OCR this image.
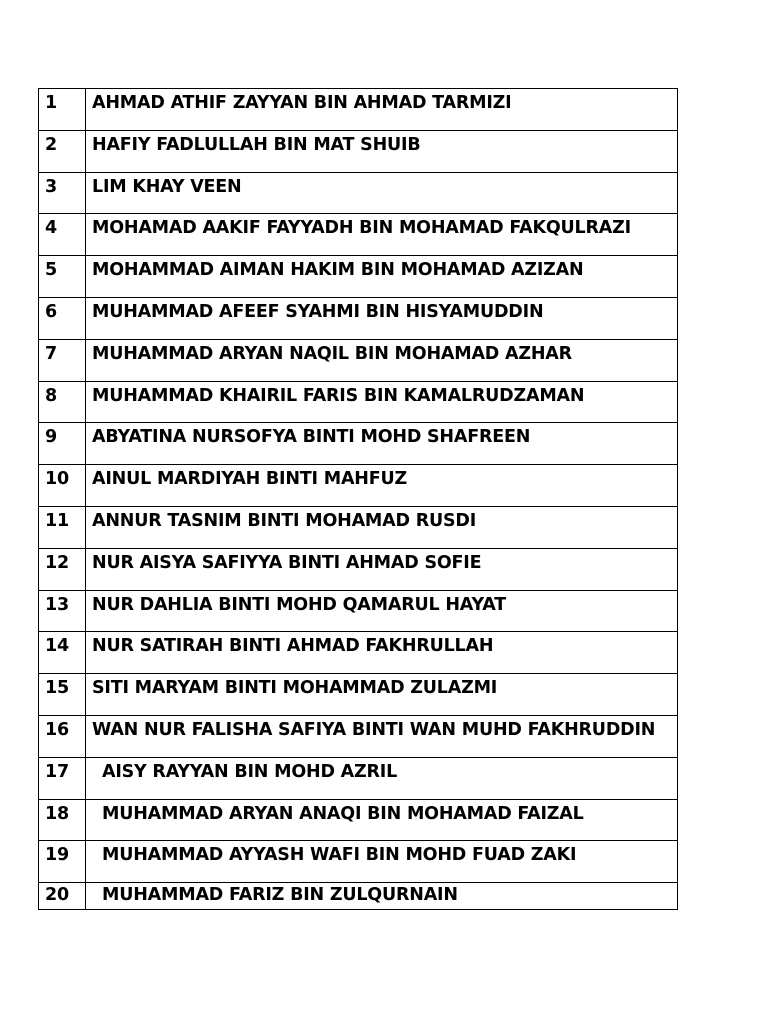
1	AHMAD ATHIF ZAYYAN BIN AHMAD TARMIZI
2	HAFIY FADLULLAH BIN MAT SHUIB
3	LIM KHAY VEEN
4	MOHAMAD AAKIF FAYYADH BIN MOHAMAD FAKQULRAZI
5	MOHAMMAD AIMAN HAKIM BIN MOHAMAD AZIZAN
6	MUHAMMAD AFEEF SYAHMI BIN HISYAMUDDIN
7	MUHAMMAD ARYAN NAQIL BIN MOHAMAD AZHAR
8	MUHAMMAD KHAIRIL FARIS BIN KAMALRUDZAMAN
9	ABYATINA NURSOFYA BINTI MOHD SHAFREEN
10	AINUL MARDIYAH BINTI MAHFUZ
11	ANNUR TASNIM BINTI MOHAMAD RUSDI
12	NUR AISYA SAFIYYA BINTI AHMAD SOFIE
13	NUR DAHLIA BINTI MOHD QAMARUL HAYAT
14	NUR SATIRAH BINTI AHMAD FAKHRULLAH
15	SITI MARYAM BINTI MOHAMMAD ZULAZMI
16	WAN NUR FALISHA SAFIYA BINTI WAN MUHD FAKHRUDDIN
17	AISY RAYYAN BIN MOHD AZRIL
18	MUHAMMAD ARYAN ANAQI BIN MOHAMAD FAIZAL
19	MUHAMMAD AYYASH WAFI BIN MOHD FUAD ZAKI
20	MUHAMMAD FARIZ BIN ZULQURNAIN
